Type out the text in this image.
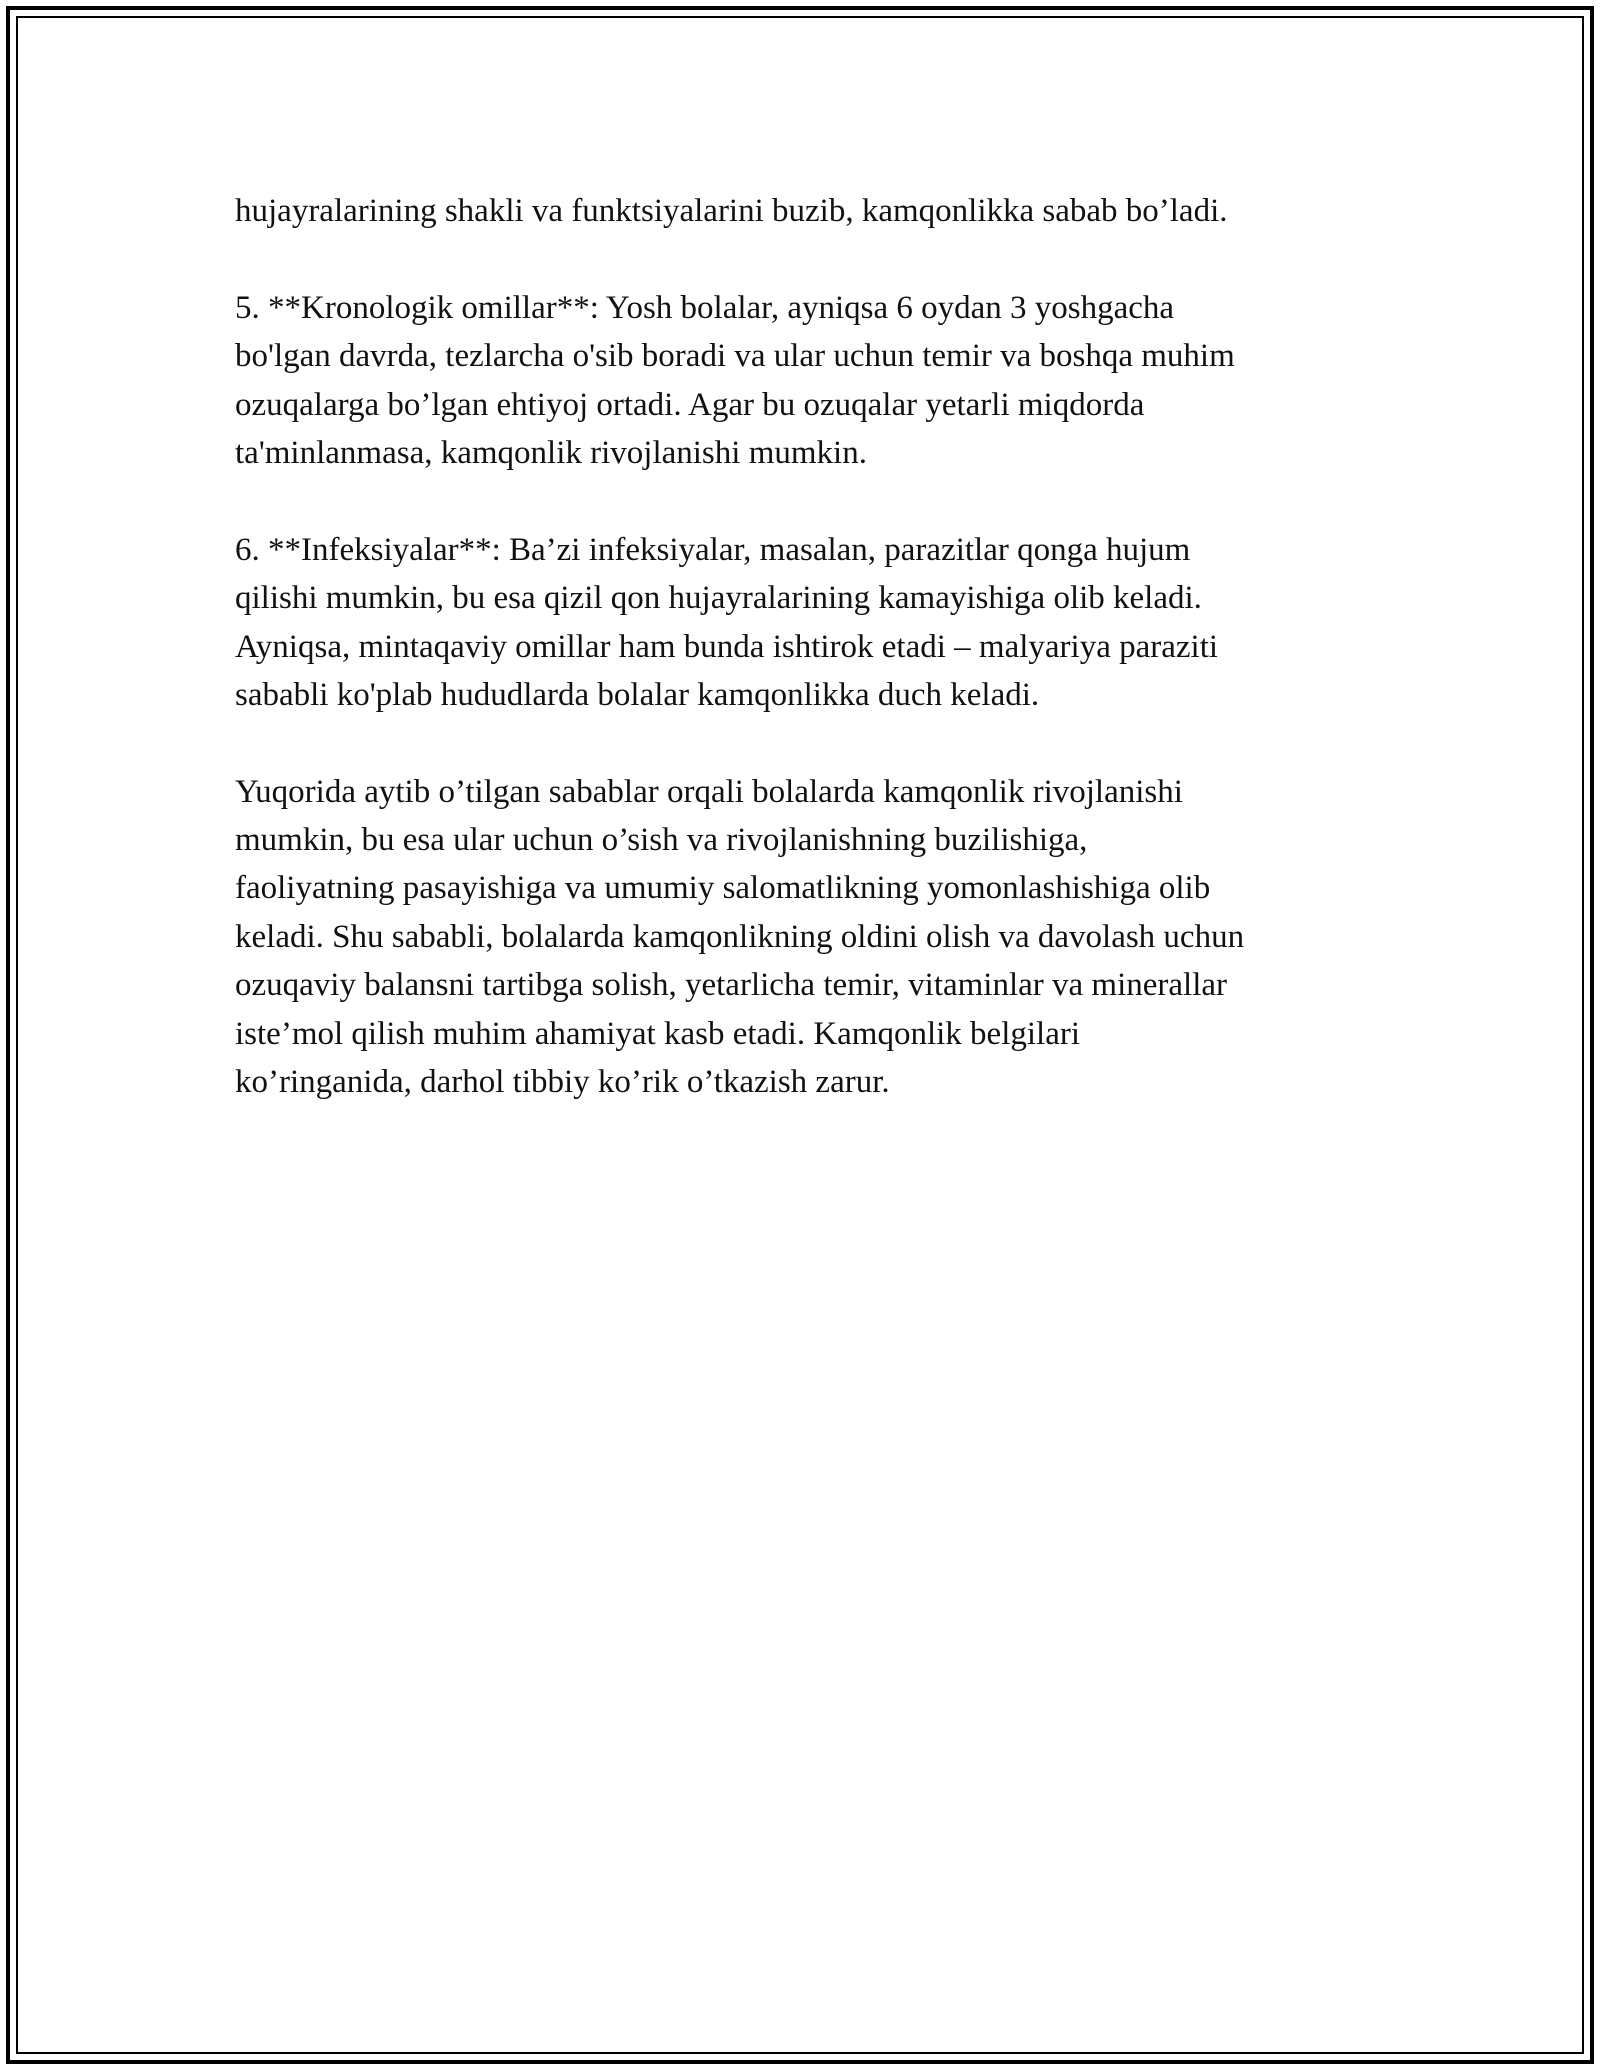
hujayralarining shakli va funktsiyalarini buzib, kamqonlikka sabab bo’ladi.
5. **Kronologik omillar**: Yosh bolalar, ayniqsa 6 oydan 3 yoshgacha
bo'lgan davrda, tezlarcha o'sib boradi va ular uchun temir va boshqa muhim
ozuqalarga bo’lgan ehtiyoj ortadi. Agar bu ozuqalar yetarli miqdorda
ta'minlanmasa, kamqonlik rivojlanishi mumkin.
6. **Infeksiyalar**: Ba’zi infeksiyalar, masalan, parazitlar qonga hujum
qilishi mumkin, bu esa qizil qon hujayralarining kamayishiga olib keladi.
Ayniqsa, mintaqaviy omillar ham bunda ishtirok etadi – malyariya paraziti
sababli ko'plab hududlarda bolalar kamqonlikka duch keladi.
Yuqorida aytib o’tilgan sabablar orqali bolalarda kamqonlik rivojlanishi
mumkin, bu esa ular uchun o’sish va rivojlanishning buzilishiga,
faoliyatning pasayishiga va umumiy salomatlikning yomonlashishiga olib
keladi. Shu sababli, bolalarda kamqonlikning oldini olish va davolash uchun
ozuqaviy balansni tartibga solish, yetarlicha temir, vitaminlar va minerallar
iste’mol qilish muhim ahamiyat kasb etadi. Kamqonlik belgilari
ko’ringanida, darhol tibbiy ko’rik o’tkazish zarur.
